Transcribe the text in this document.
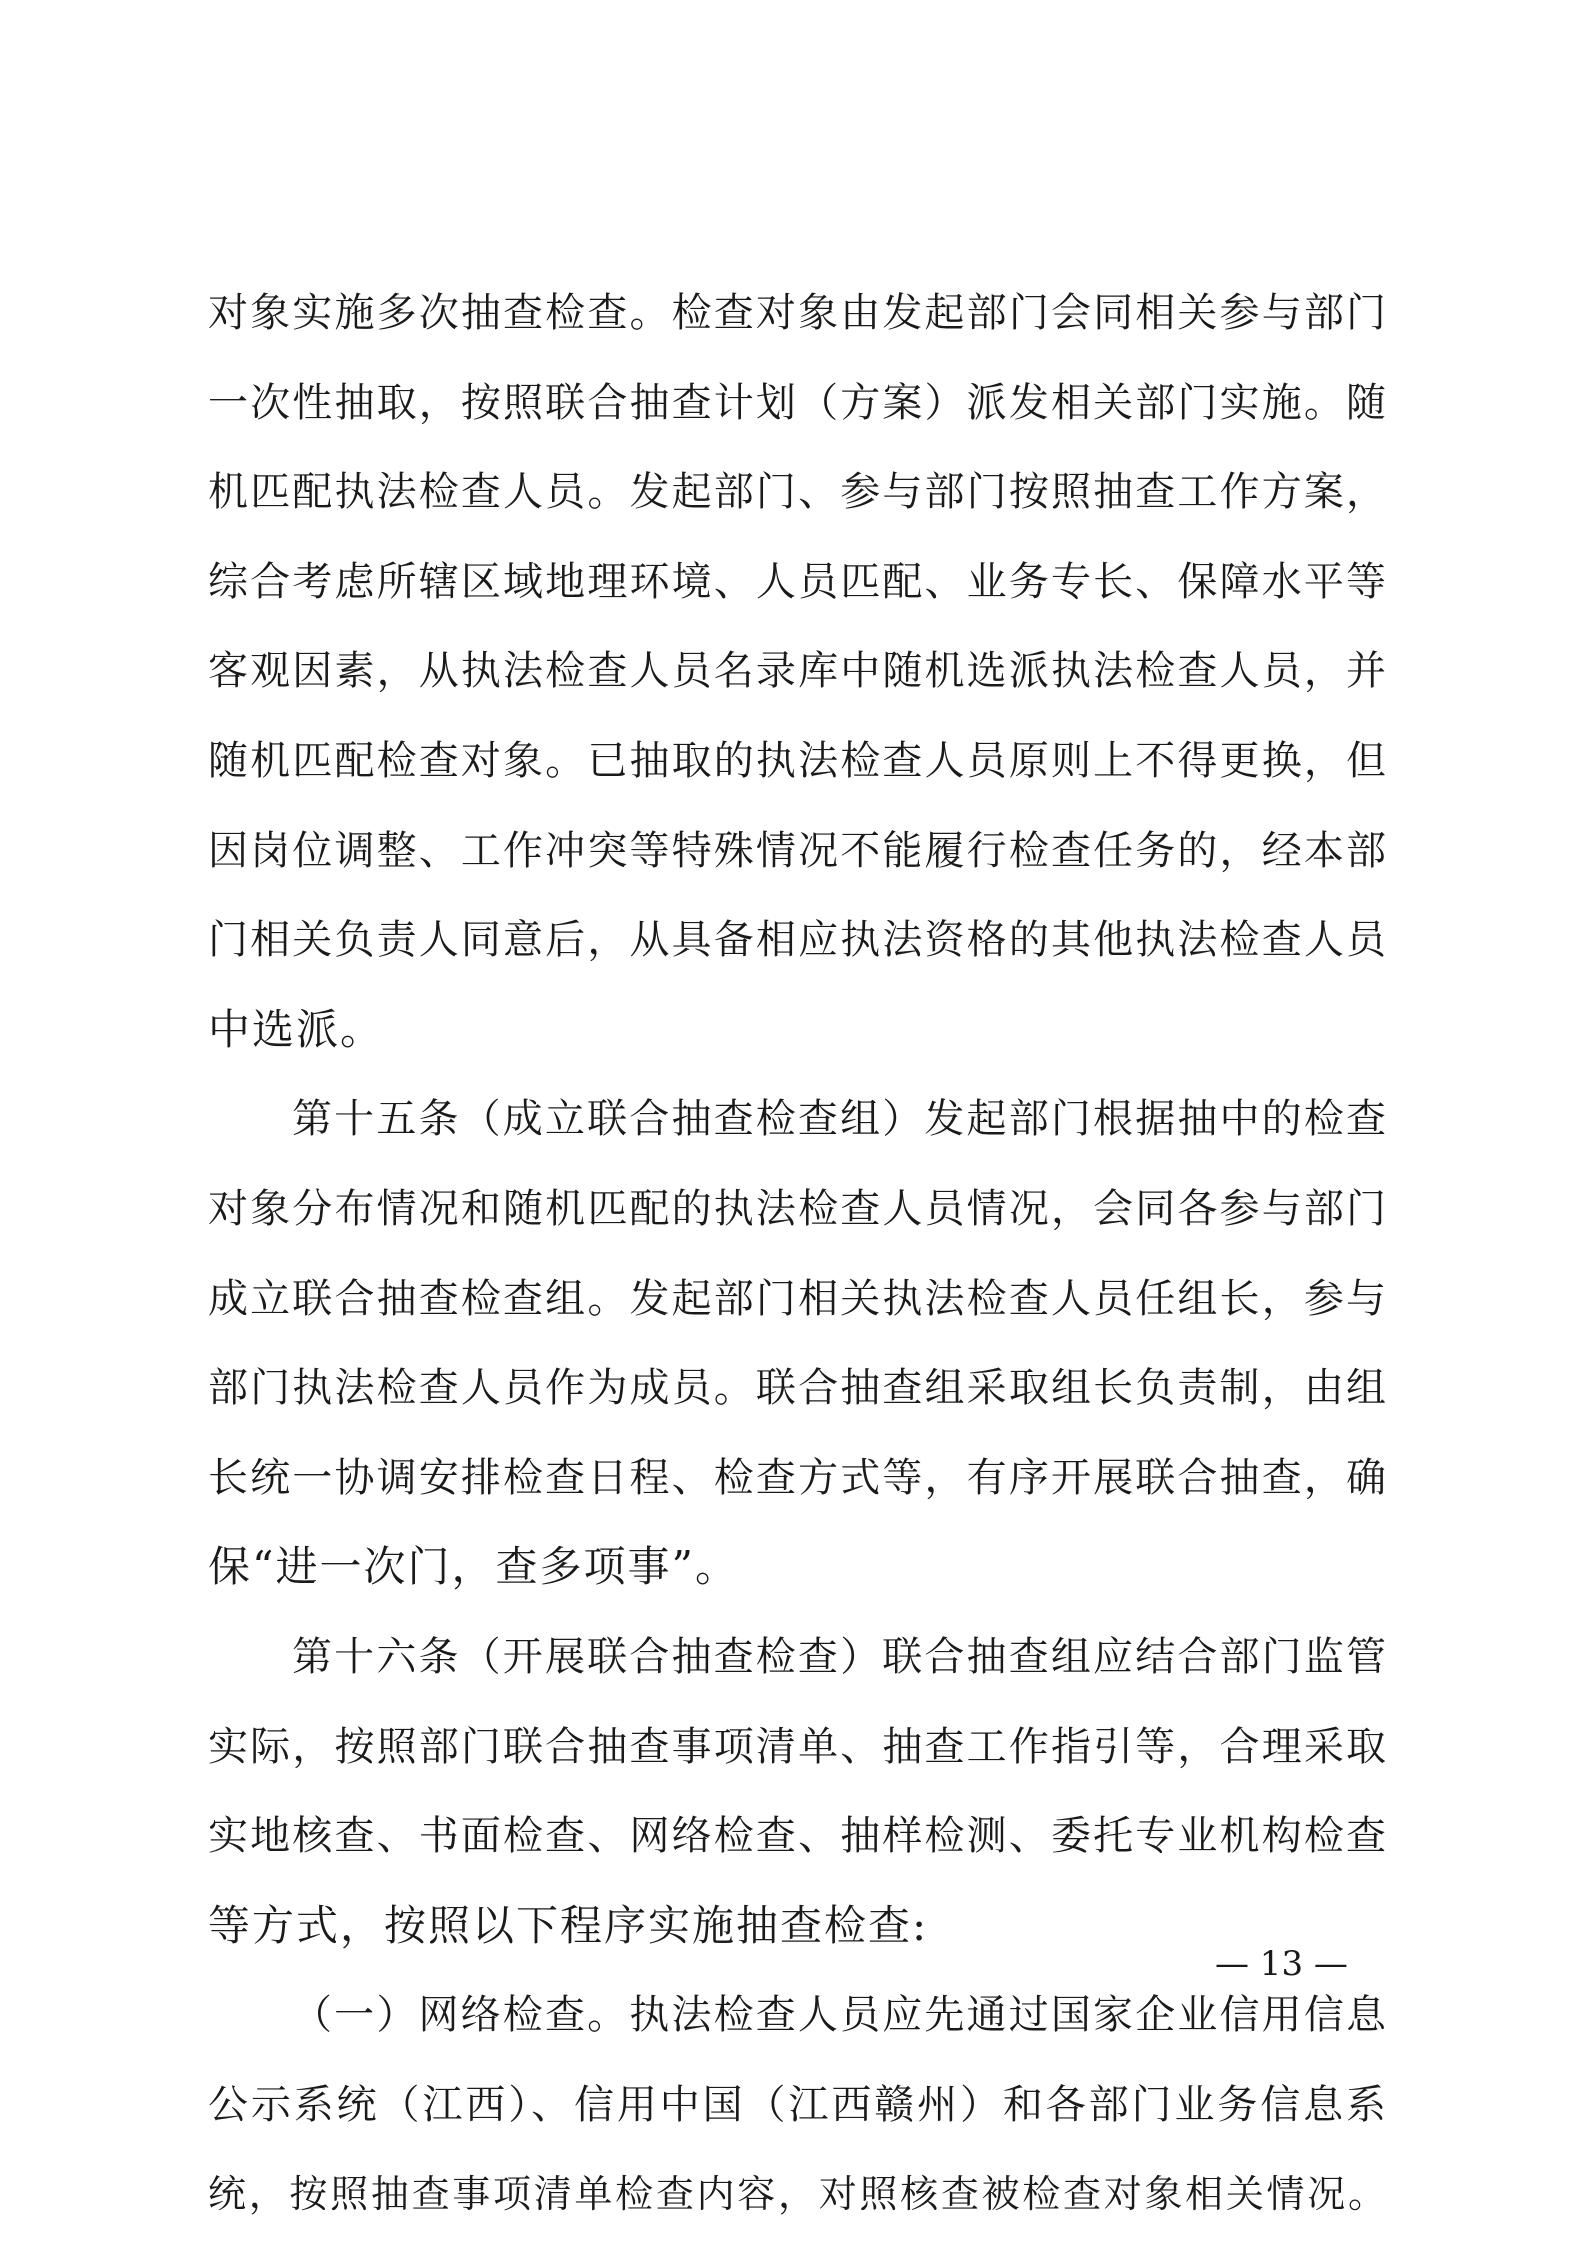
对象实施多次抽查检查。检查对象由发起部门会同相关参与部门
一次性抽取，按照联合抽查计划（方案）派发相关部门实施。随
机匹配执法检查人员。发起部门、参与部门按照抽查工作方案，
综合考虑所辖区域地理环境、人员匹配、业务专长、保障水平等
客观因素，从执法检查人员名录库中随机选派执法检查人员，并
随机匹配检查对象。已抽取的执法检查人员原则上不得更换，但
因岗位调整、工作冲突等特殊情况不能履行检查任务的，经本部
门相关负责人同意后，从具备相应执法资格的其他执法检查人员
中选派。
第十五条（成立联合抽查检查组）发起部门根据抽中的检查
对象分布情况和随机匹配的执法检查人员情况，会同各参与部门
成立联合抽查检查组。发起部门相关执法检查人员任组长，参与
部门执法检查人员作为成员。联合抽查组采取组长负责制，由组
长统一协调安排检查日程、检查方式等，有序开展联合抽查，确
保“进一次门，查多项事”。
第十六条（开展联合抽查检查）联合抽查组应结合部门监管
实际，按照部门联合抽查事项清单、抽查工作指引等，合理采取
实地核查、书面检查、网络检查、抽样检测、委托专业机构检查
等方式，按照以下程序实施抽查检查:
（一）网络检查。执法检查人员应先通过国家企业信用信息
公示系统（江西）、信用中国（江西赣州）和各部门业务信息系
统，按照抽查事项清单检查内容，对照核查被检查对象相关情况。
— 13 —
